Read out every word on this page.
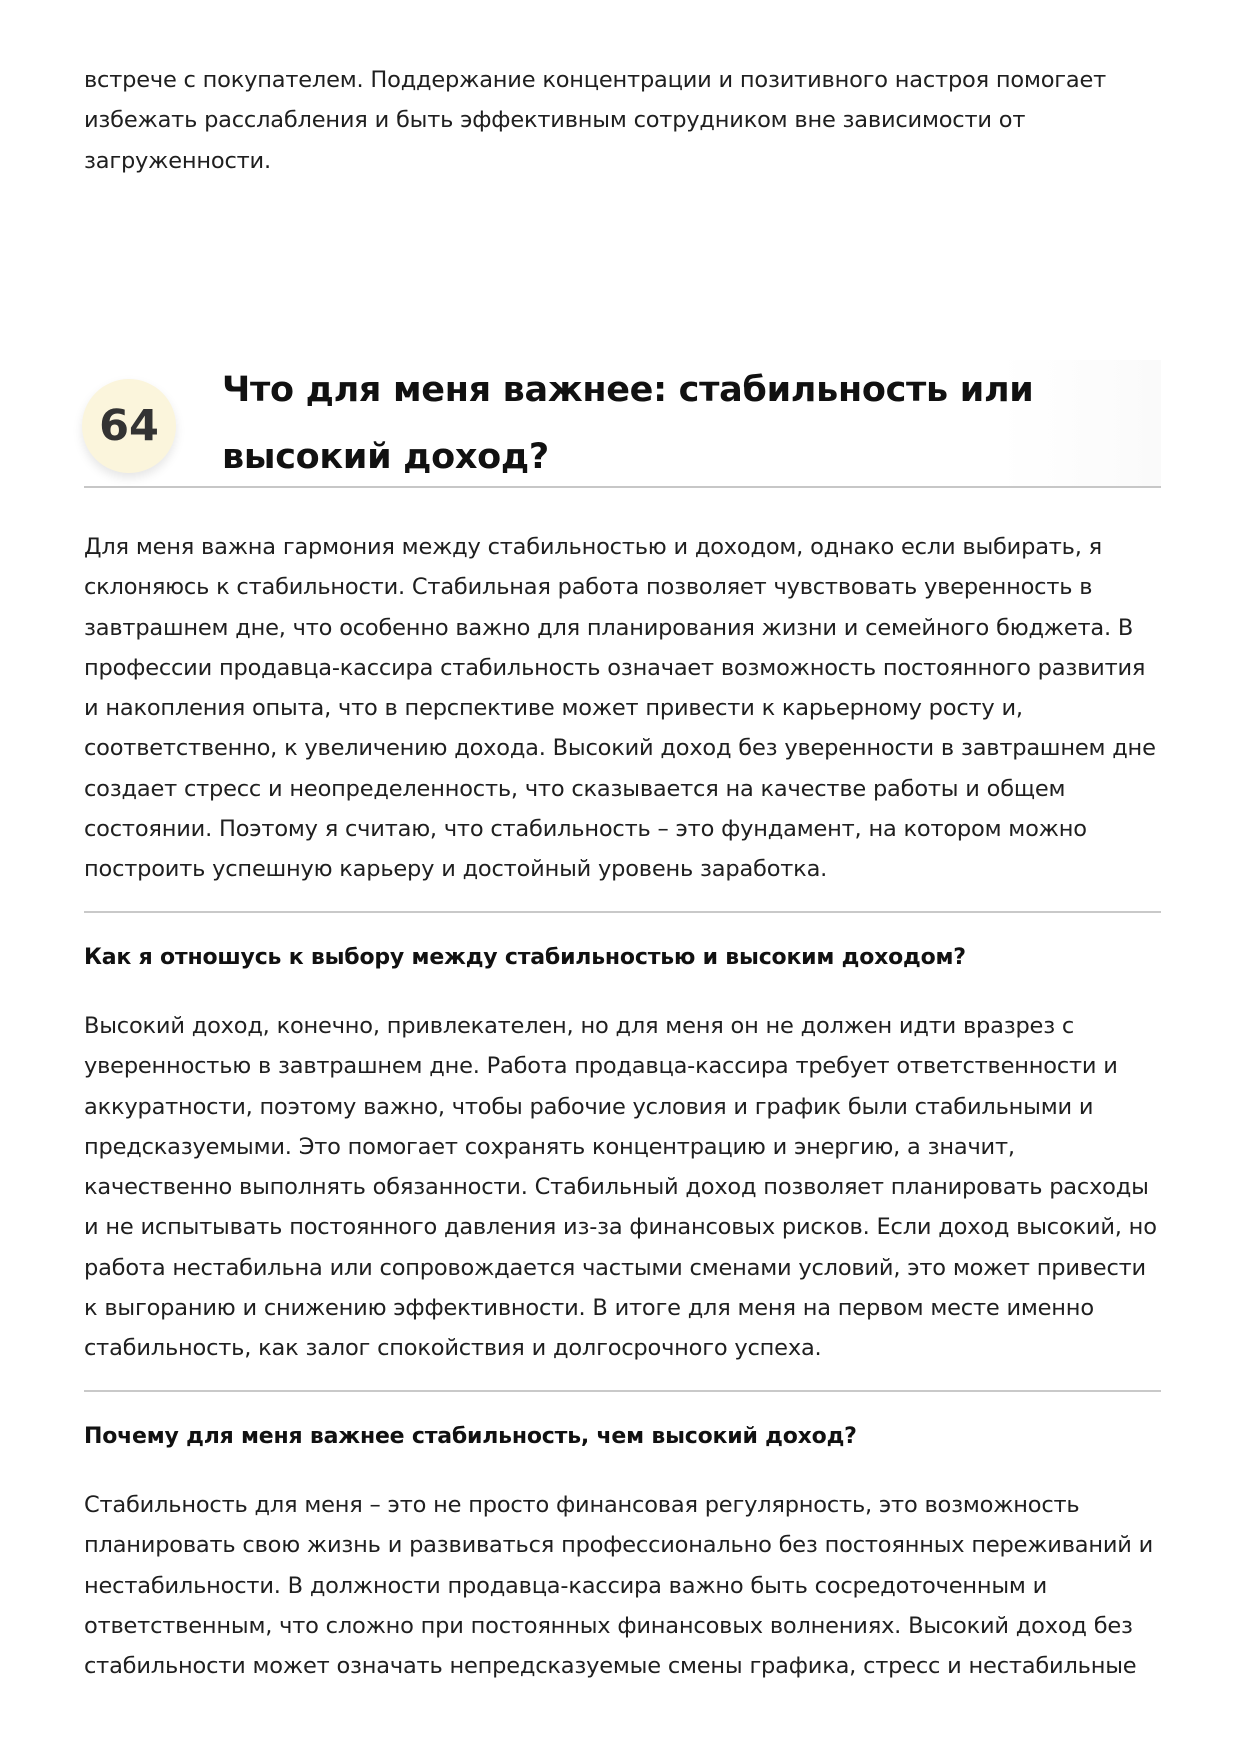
встрече с покупателем. Поддержание концентрации и позитивного настроя помогает избежать расслабления и быть эффективным сотрудником вне зависимости от загруженности.

64
Что для меня важнее: стабильность или высокий доход?

Для меня важна гармония между стабильностью и доходом, однако если выбирать, я склоняюсь к стабильности. Стабильная работа позволяет чувствовать уверенность в завтрашнем дне, что особенно важно для планирования жизни и семейного бюджета. В профессии продавца-кассира стабильность означает возможность постоянного развития и накопления опыта, что в перспективе может привести к карьерному росту и, соответственно, к увеличению дохода. Высокий доход без уверенности в завтрашнем дне создает стресс и неопределенность, что сказывается на качестве работы и общем состоянии. Поэтому я считаю, что стабильность – это фундамент, на котором можно построить успешную карьеру и достойный уровень заработка.

Как я отношусь к выбору между стабильностью и высоким доходом?

Высокий доход, конечно, привлекателен, но для меня он не должен идти вразрез с уверенностью в завтрашнем дне. Работа продавца-кассира требует ответственности и аккуратности, поэтому важно, чтобы рабочие условия и график были стабильными и предсказуемыми. Это помогает сохранять концентрацию и энергию, а значит, качественно выполнять обязанности. Стабильный доход позволяет планировать расходы и не испытывать постоянного давления из-за финансовых рисков. Если доход высокий, но работа нестабильна или сопровождается частыми сменами условий, это может привести к выгоранию и снижению эффективности. В итоге для меня на первом месте именно стабильность, как залог спокойствия и долгосрочного успеха.

Почему для меня важнее стабильность, чем высокий доход?

Стабильность для меня – это не просто финансовая регулярность, это возможность планировать свою жизнь и развиваться профессионально без постоянных переживаний и нестабильности. В должности продавца-кассира важно быть сосредоточенным и ответственным, что сложно при постоянных финансовых волнениях. Высокий доход без стабильности может означать непредсказуемые смены графика, стресс и нестабильные
